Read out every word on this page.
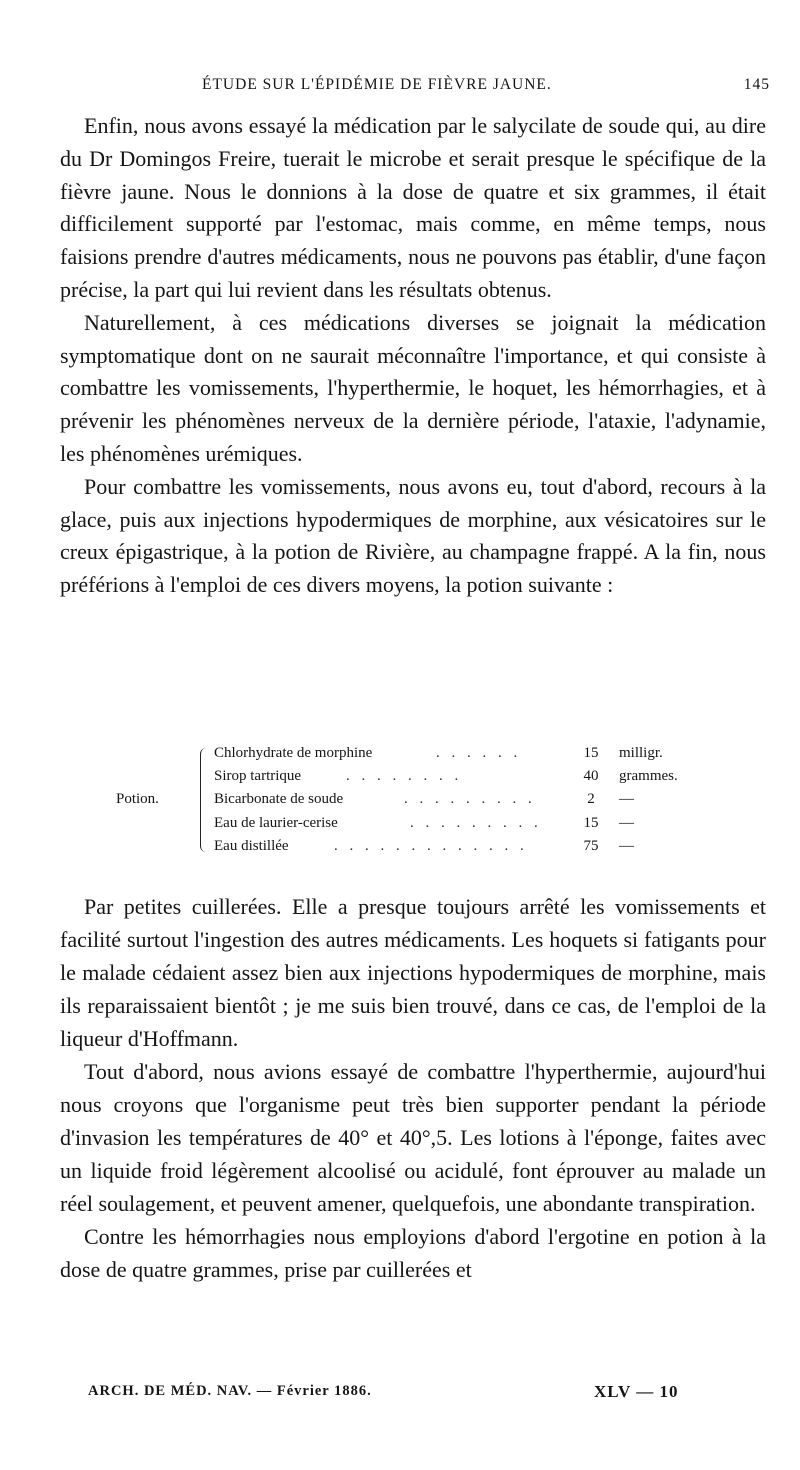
ÉTUDE SUR L'ÉPIDÉMIE DE FIÈVRE JAUNE.	145

Enfin, nous avons essayé la médication par le salycilate de soude qui, au dire du Dr Domingos Freire, tuerait le microbe et serait presque le spécifique de la fièvre jaune. Nous le donnions à la dose de quatre et six grammes, il était difficilement supporté par l'estomac, mais comme, en même temps, nous faisions prendre d'autres médicaments, nous ne pouvons pas établir, d'une façon précise, la part qui lui revient dans les résultats obtenus.

Naturellement, à ces médications diverses se joignait la médication symptomatique dont on ne saurait méconnaître l'importance, et qui consiste à combattre les vomissements, l'hyperthermie, le hoquet, les hémorrhagies, et à prévenir les phénomènes nerveux de la dernière période, l'ataxie, l'adynamie, les phénomènes urémiques.

Pour combattre les vomissements, nous avons eu, tout d'abord, recours à la glace, puis aux injections hypodermiques de morphine, aux vésicatoires sur le creux épigastrique, à la potion de Rivière, au champagne frappé. A la fin, nous préférions à l'emploi de ces divers moyens, la potion suivante :

Potion.
Chlorhydrate de morphine	. . . . . .	15	milligr.
Sirop tartrique	. . . . . . . .	40	grammes.
Bicarbonate de soude	. . . . . . . . .	2	—
Eau de laurier-cerise	. . . . . . . . .	15	—
Eau distillée	. . . . . . . . . . . . .	75	—

Par petites cuillerées. Elle a presque toujours arrêté les vomissements et facilité surtout l'ingestion des autres médicaments. Les hoquets si fatigants pour le malade cédaient assez bien aux injections hypodermiques de morphine, mais ils reparaissaient bientôt ; je me suis bien trouvé, dans ce cas, de l'emploi de la liqueur d'Hoffmann.

Tout d'abord, nous avions essayé de combattre l'hyperthermie, aujourd'hui nous croyons que l'organisme peut très bien supporter pendant la période d'invasion les températures de 40° et 40°,5. Les lotions à l'éponge, faites avec un liquide froid légèrement alcoolisé ou acidulé, font éprouver au malade un réel soulagement, et peuvent amener, quelquefois, une abondante transpiration.

Contre les hémorrhagies nous employions d'abord l'ergotine en potion à la dose de quatre grammes, prise par cuillerées et

ARCH. DE MÉD. NAV. — Février 1886.	XLV — 10
